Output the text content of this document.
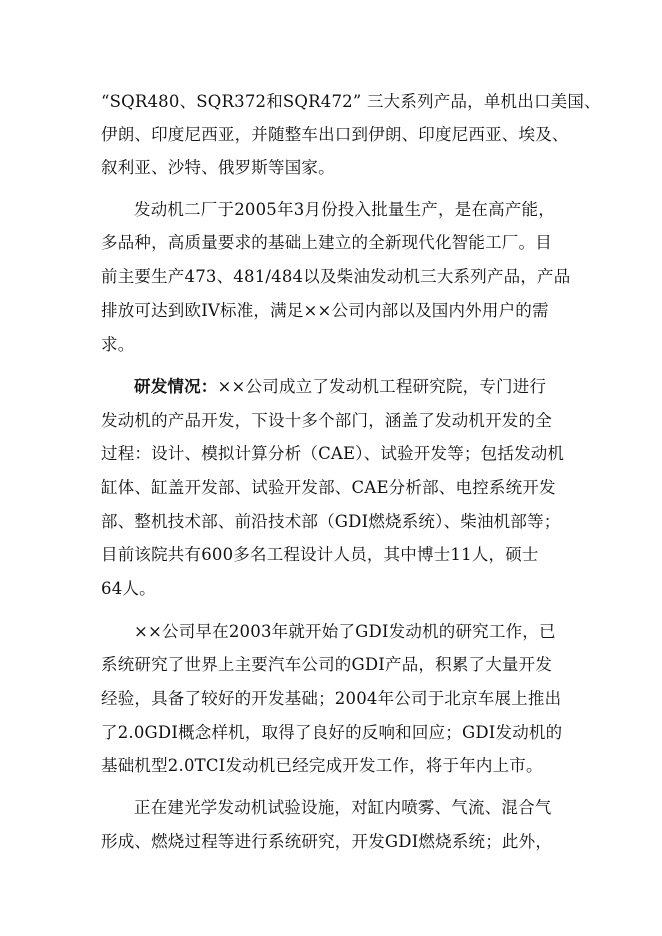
“SQR480、SQR372和SQR472” 三大系列产品，单机出口美国、
伊朗、印度尼西亚，并随整车出口到伊朗、印度尼西亚、埃及、
叙利亚、沙特、俄罗斯等国家。
发动机二厂于2005年3月份投入批量生产，是在高产能，
多品种，高质量要求的基础上建立的全新现代化智能工厂。目
前主要生产473、481/484以及柴油发动机三大系列产品，产品
排放可达到欧IV标准，满足××公司内部以及国内外用户的需
求。
研发情况：××公司成立了发动机工程研究院，专门进行
发动机的产品开发，下设十多个部门，涵盖了发动机开发的全
过程：设计、模拟计算分析（CAE）、试验开发等；包括发动机
缸体、缸盖开发部、试验开发部、CAE分析部、电控系统开发
部、整机技术部、前沿技术部（GDI燃烧系统）、柴油机部等；
目前该院共有600多名工程设计人员，其中博士11人，硕士
64人。
××公司早在2003年就开始了GDI发动机的研究工作，已
系统研究了世界上主要汽车公司的GDI产品，积累了大量开发
经验，具备了较好的开发基础；2004年公司于北京车展上推出
了2.0GDI概念样机，取得了良好的反响和回应；GDI发动机的
基础机型2.0TCI发动机已经完成开发工作，将于年内上市。
正在建光学发动机试验设施，对缸内喷雾、气流、混合气
形成、燃烧过程等进行系统研究，开发GDI燃烧系统；此外，
